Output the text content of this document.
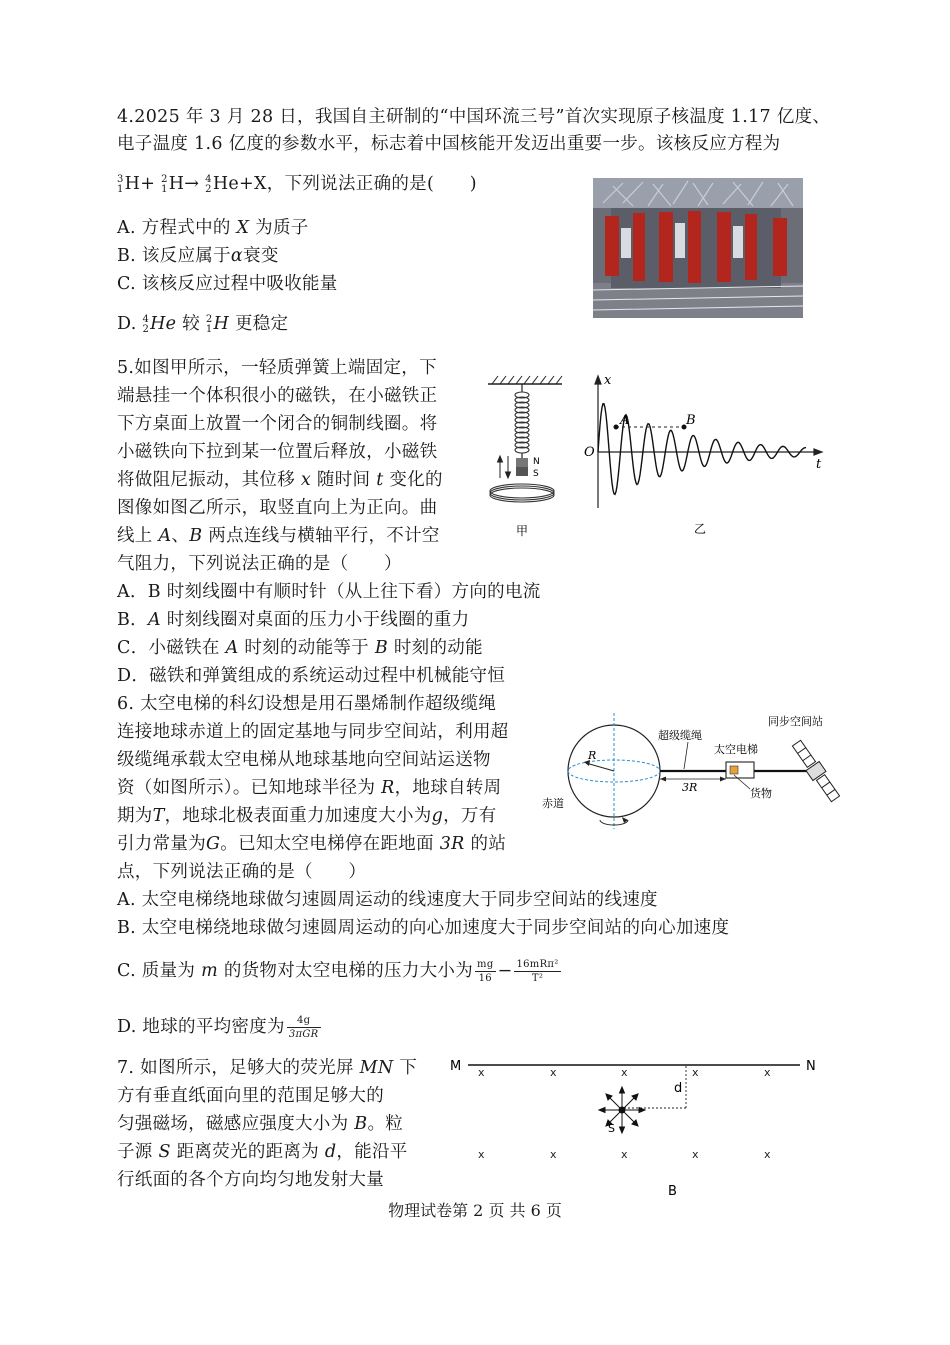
4.2025 年 3 月 28 日，我国自主研制的“中国环流三号”首次实现原子核温度 1.17 亿度、
电子温度 1.6 亿度的参数水平，标志着中国核能开发迈出重要一步。该核反应方程为
3
1 H+ 2
1 H→ 4
2 He+X，下列说法正确的是(　　)
A. 方程式中的 X 为质子
B. 该反应属于α衰变
C. 该核反应过程中吸收能量
D. 4
2 He 较 2
1 H 更稳定
5.如图甲所示，一轻质弹簧上端固定，下
端悬挂一个体积很小的磁铁，在小磁铁正
下方桌面上放置一个闭合的铜制线圈。将
小磁铁向下拉到某一位置后释放，小磁铁
将做阻尼振动，其位移 x 随时间 t 变化的
图像如图乙所示，取竖直向上为正向。曲
线上 A、B 两点连线与横轴平行，不计空
气阻力，下列说法正确的是（　　）
A．B 时刻线圈中有顺时针（从上往下看）方向的电流
B．A 时刻线圈对桌面的压力小于线圈的重力
C．小磁铁在 A 时刻的动能等于 B 时刻的动能
D．磁铁和弹簧组成的系统运动过程中机械能守恒
N
S
甲
x
t
O
A	B
乙
6. 太空电梯的科幻设想是用石墨烯制作超级缆绳
连接地球赤道上的固定基地与同步空间站，利用超
级缆绳承载太空电梯从地球基地向空间站运送物
资（如图所示）。已知地球半径为 R，地球自转周
期为T，地球北极表面重力加速度大小为g，万有
引力常量为G。已知太空电梯停在距地面 3R 的站
点，下列说法正确的是（　　）
A. 太空电梯绕地球做匀速圆周运动的线速度大于同步空间站的线速度
B. 太空电梯绕地球做匀速圆周运动的向心加速度大于同步空间站的向心加速度
C. 质量为 m 的货物对太空电梯的压力大小为 $\frac{mg}{16} - \frac{\text{16mRπ²}}{\text{T²}}$
D. 地球的平均密度为 $\frac{4g}{\text{3πGR}}$
R
赤道
3R
超级缆绳
太空电梯
货物
同步空间站
7. 如图所示，足够大的荧光屏 MN 下
方有垂直纸面向里的范围足够大的
匀强磁场，磁感应强度大小为 B。粒
子源 S 距离荧光的距离为 d，能沿平
行纸面的各个方向均匀地发射大量
M	N
x	x	x	x	x
x	x	x	x	x
d
S
B
物理试卷第 2 页 共 6 页
